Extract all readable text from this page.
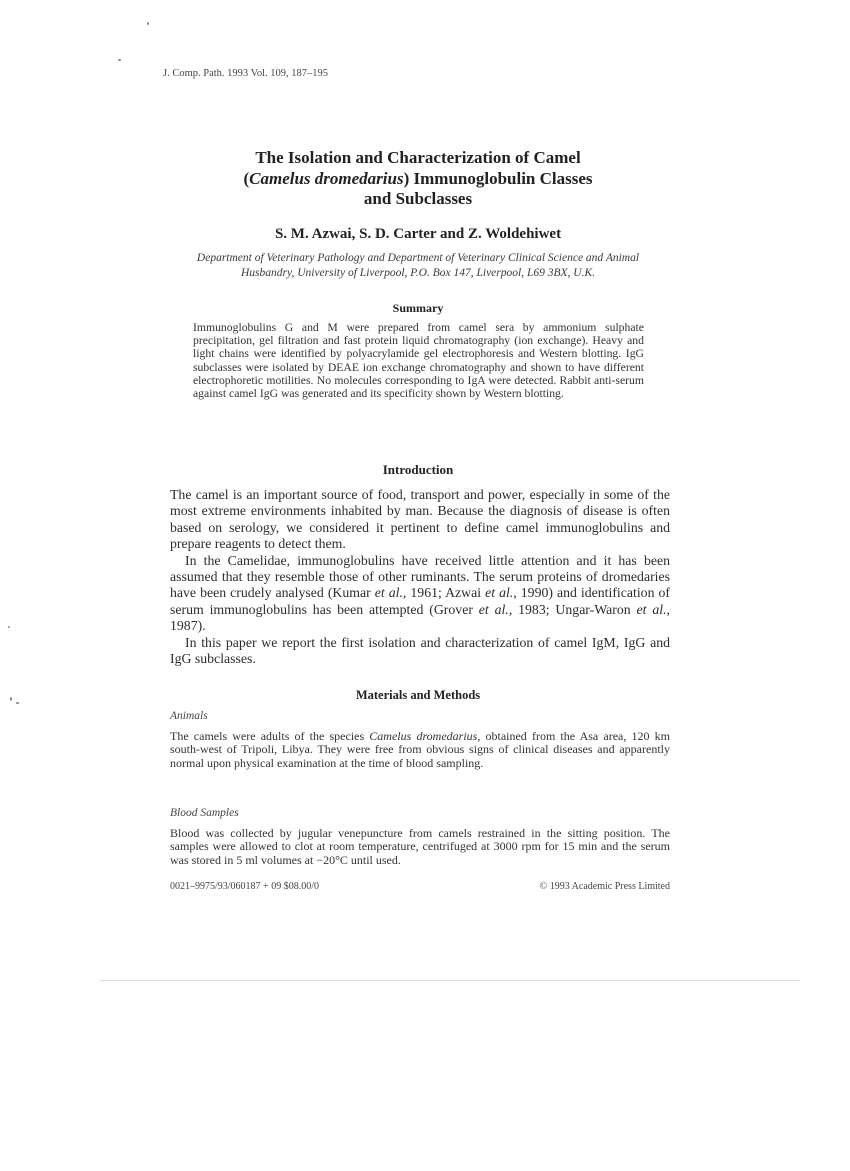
J. Comp. Path. 1993 Vol. 109, 187–195
The Isolation and Characterization of Camel
(Camelus dromedarius) Immunoglobulin Classes
and Subclasses
S. M. Azwai, S. D. Carter and Z. Woldehiwet
Department of Veterinary Pathology and Department of Veterinary Clinical Science and Animal
Husbandry, University of Liverpool, P.O. Box 147, Liverpool, L69 3BX, U.K.
Summary
Immunoglobulins G and M were prepared from camel sera by ammonium sulphate precipitation, gel filtration and fast protein liquid chromatography (ion exchange). Heavy and light chains were identified by polyacrylamide gel electrophoresis and Western blotting. IgG subclasses were isolated by DEAE ion exchange chromatography and shown to have different electrophoretic motilities. No molecules corresponding to IgA were detected. Rabbit anti-serum against camel IgG was generated and its specificity shown by Western blotting.
Introduction

The camel is an important source of food, transport and power, especially in some of the most extreme environments inhabited by man. Because the diagnosis of disease is often based on serology, we considered it pertinent to define camel immunoglobulins and prepare reagents to detect them.

In the Camelidae, immunoglobulins have received little attention and it has been assumed that they resemble those of other ruminants. The serum proteins of dromedaries have been crudely analysed (Kumar et al., 1961; Azwai et al., 1990) and identification of serum immunoglobulins has been attempted (Grover et al., 1983; Ungar-Waron et al., 1987).

In this paper we report the first isolation and characterization of camel IgM, IgG and IgG subclasses.

Materials and Methods
Animals
The camels were adults of the species Camelus dromedarius, obtained from the Asa area, 120 km south-west of Tripoli, Libya. They were free from obvious signs of clinical diseases and apparently normal upon physical examination at the time of blood sampling.
Blood Samples
Blood was collected by jugular venepuncture from camels restrained in the sitting position. The samples were allowed to clot at room temperature, centrifuged at 3000 rpm for 15 min and the serum was stored in 5 ml volumes at −20°C until used.
0021–9975/93/060187 + 09 $08.00/0	© 1993 Academic Press Limited
